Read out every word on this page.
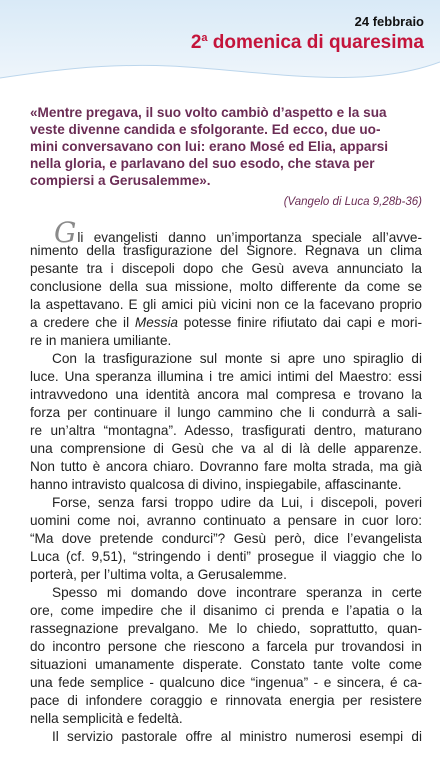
24 febbraio
2$^a$ domenica di quaresima
«Mentre pregava, il suo volto cambiò d’aspetto e la sua
veste divenne candida e sfolgorante. Ed ecco, due uo-
mini conversavano con lui: erano Mosé ed Elia, apparsi
nella gloria, e parlavano del suo esodo, che stava per
compiersi a Gerusalemme».
(Vangelo di Luca 9,28b-36)
Gli evangelisti danno un’importanza speciale all’avve-
nimento della trasfigurazione del Signore. Regnava un clima
pesante tra i discepoli dopo che Gesù aveva annunciato la
conclusione della sua missione, molto differente da come se
la aspettavano. E gli amici più vicini non ce la facevano proprio
a credere che il Messia potesse finire rifiutato dai capi e mori-
re in maniera umiliante.
Con la trasfigurazione sul monte si apre uno spiraglio di
luce. Una speranza illumina i tre amici intimi del Maestro: essi
intravvedono una identità ancora mal compresa e trovano la
forza per continuare il lungo cammino che li condurrà a sali-
re un’altra “montagna”. Adesso, trasfigurati dentro, maturano
una comprensione di Gesù che va al di là delle apparenze.
Non tutto è ancora chiaro. Dovranno fare molta strada, ma già
hanno intravisto qualcosa di divino, inspiegabile, affascinante.
Forse, senza farsi troppo udire da Lui, i discepoli, poveri
uomini come noi, avranno continuato a pensare in cuor loro:
“Ma dove pretende condurci”? Gesù però, dice l’evangelista
Luca (cf. 9,51), “stringendo i denti” prosegue il viaggio che lo
porterà, per l’ultima volta, a Gerusalemme.
Spesso mi domando dove incontrare speranza in certe
ore, come impedire che il disanimo ci prenda e l’apatia o la
rassegnazione prevalgano. Me lo chiedo, soprattutto, quan-
do incontro persone che riescono a farcela pur trovandosi in
situazioni umanamente disperate. Constato tante volte come
una fede semplice - qualcuno dice “ingenua” - e sincera, é ca-
pace di infondere coraggio e rinnovata energia per resistere
nella semplicità e fedeltà.
Il servizio pastorale offre al ministro numerosi esempi di
